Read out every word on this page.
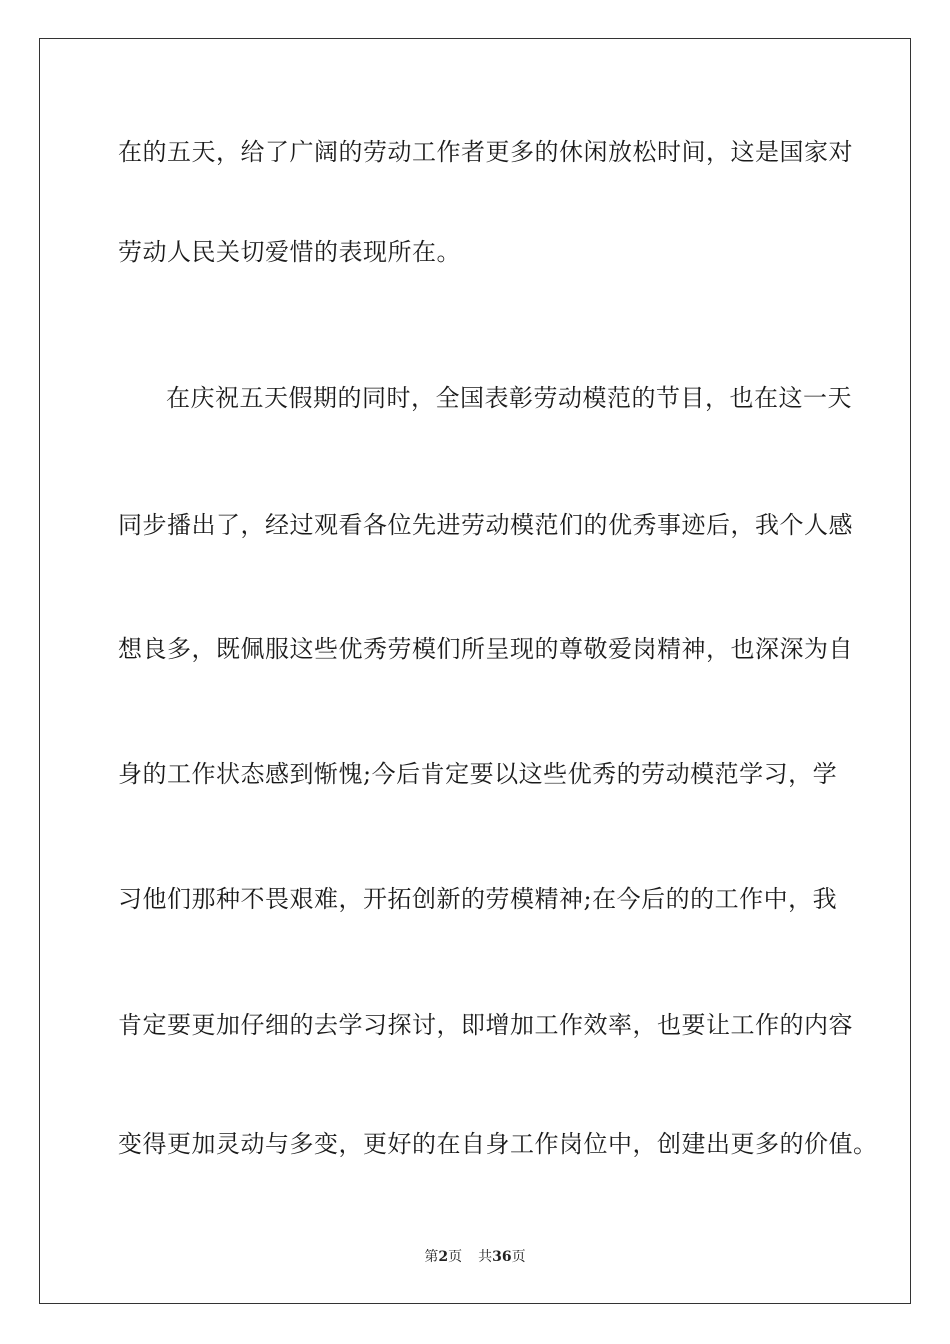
在的五天，给了广阔的劳动工作者更多的休闲放松时间，这是国家对
劳动人民关切爱惜的表现所在。
在庆祝五天假期的同时，全国表彰劳动模范的节目，也在这一天
同步播出了，经过观看各位先进劳动模范们的优秀事迹后，我个人感
想良多，既佩服这些优秀劳模们所呈现的尊敬爱岗精神，也深深为自
身的工作状态感到惭愧;今后肯定要以这些优秀的劳动模范学习，学
习他们那种不畏艰难，开拓创新的劳模精神;在今后的的工作中，我
肯定要更加仔细的去学习探讨，即增加工作效率，也要让工作的内容
变得更加灵动与多变，更好的在自身工作岗位中，创建出更多的价值。
第2页 共36页
